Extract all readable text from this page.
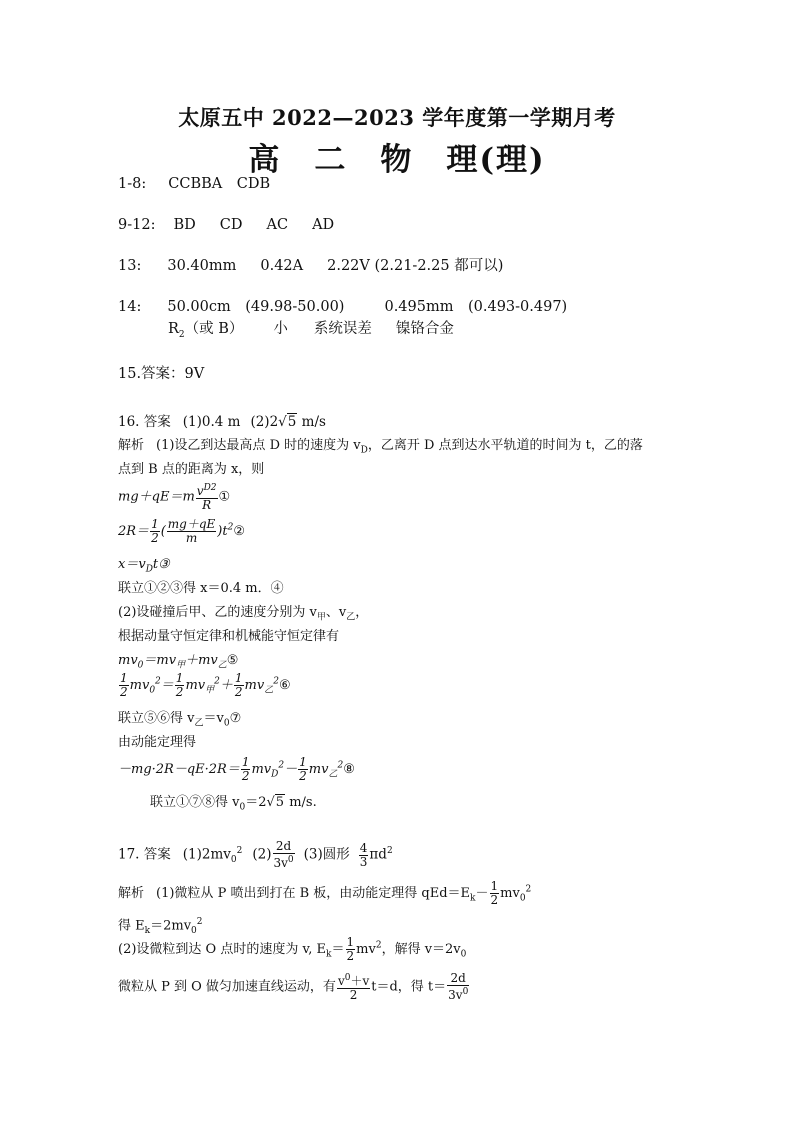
太原五中 2022—2023 学年度第一学期月考
高　二　物　理(理)
1-8: CCBBA　CDB
9-12: BD CD AC AD
13: 30.40mm 0.42A 2.22V (2.21-2.25 都可以)
14: 50.00cm　(49.98-50.00)	0.495mm　(0.493-0.497)
$R_2$（或 B） 小 系统误差 镍铬合金
15.答案：9V
16. 答案 (1)0.4 m (2)2√5 m/s
解析 (1)设乙到达最高点 D 时的速度为 $v_D$，乙离开 D 点到达水平轨道的时间为 t，乙的落
点到 B 点的距离为 x，则
$mg+qE=m \frac{v^{D2}}{R}$ ①
$2R= \frac{1}{2}$ ( $\frac{mg+qE}{m}$ )$t^2②$
$x=v_Dt③$
联立①②③得 x＝0.4 m．④
(2)设碰撞后甲、乙的速度分别为 $v_甲$、$v_乙$，
根据动量守恒定律和机械能守恒定律有
$mv_0=mv_甲+mv_乙⑤$
$\frac{1}{2} mv_0^2= \frac{1}{2} mv_甲^2+ \frac{1}{2}$ $mv_乙^2⑥$
联立⑤⑥得 $v_乙=v_0⑦$
由动能定理得
$-mg\cdot 2R-qE\cdot 2R= \frac{1}{2} mv_D^2- \frac{1}{2}$ $mv_乙^2⑧$
联立①⑦⑧得 $v_0=2√5$ m/s.
17. 答案 $(1)2mv_0^2$ $(2) \frac{2d}{3v^0} (3)$圆形 $\frac{4}{3} \pi d^2$
解析 (1)微粒从 P 喷出到打在 B 板，由动能定理得 $qEd=E_k- \frac{1}{2} mv_0^2$
得 $E_k=2mv_0^2$
(2)设微粒到达 O 点时的速度为 v, $E_k= \frac{1}{2} mv^2$，解得 $v=2v_0$
微粒从 P 到 O 做匀加速直线运动，有 $\frac{v^0+v}{2} t=d$，得 $t= \frac{2d}{3v^0}$
